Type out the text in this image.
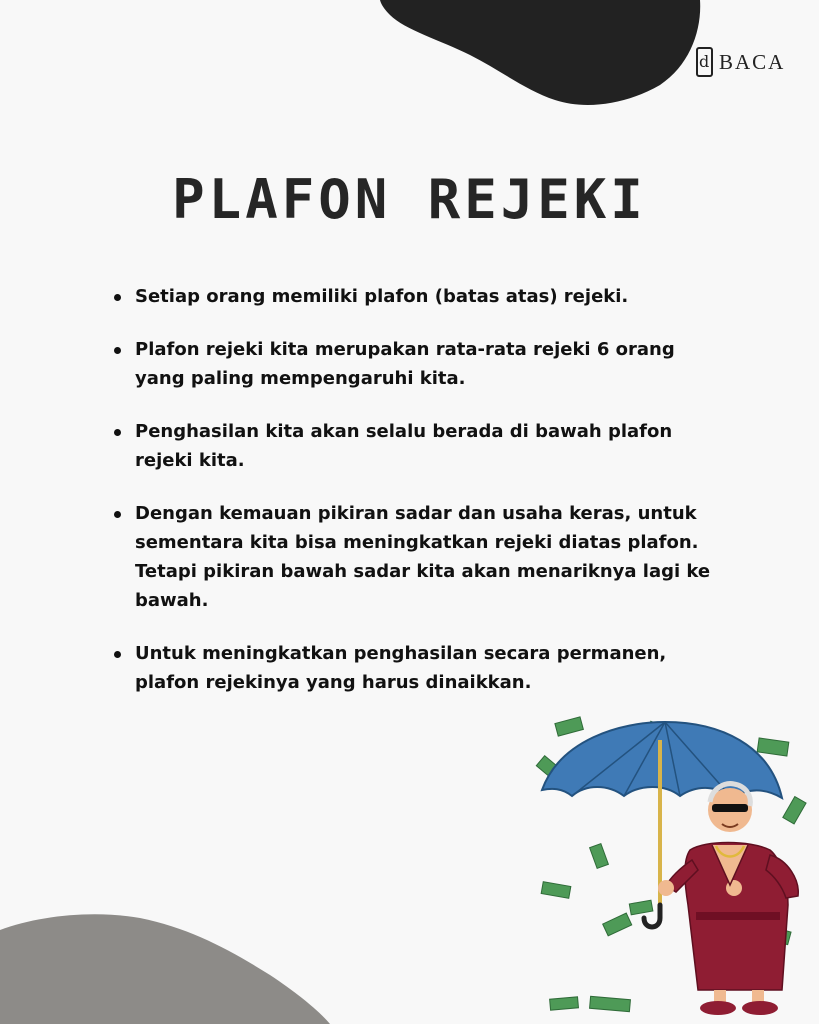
d BACA
PLAFON REJEKI
Setiap orang memiliki plafon (batas atas) rejeki.
Plafon rejeki kita merupakan rata-rata rejeki 6 orang yang paling mempengaruhi kita.
Penghasilan kita akan selalu berada di bawah plafon rejeki kita.
Dengan kemauan pikiran sadar dan usaha keras, untuk sementara kita bisa meningkatkan rejeki diatas plafon. Tetapi pikiran bawah sadar kita akan menariknya lagi ke bawah.
Untuk meningkatkan penghasilan secara permanen, plafon rejekinya yang harus dinaikkan.
